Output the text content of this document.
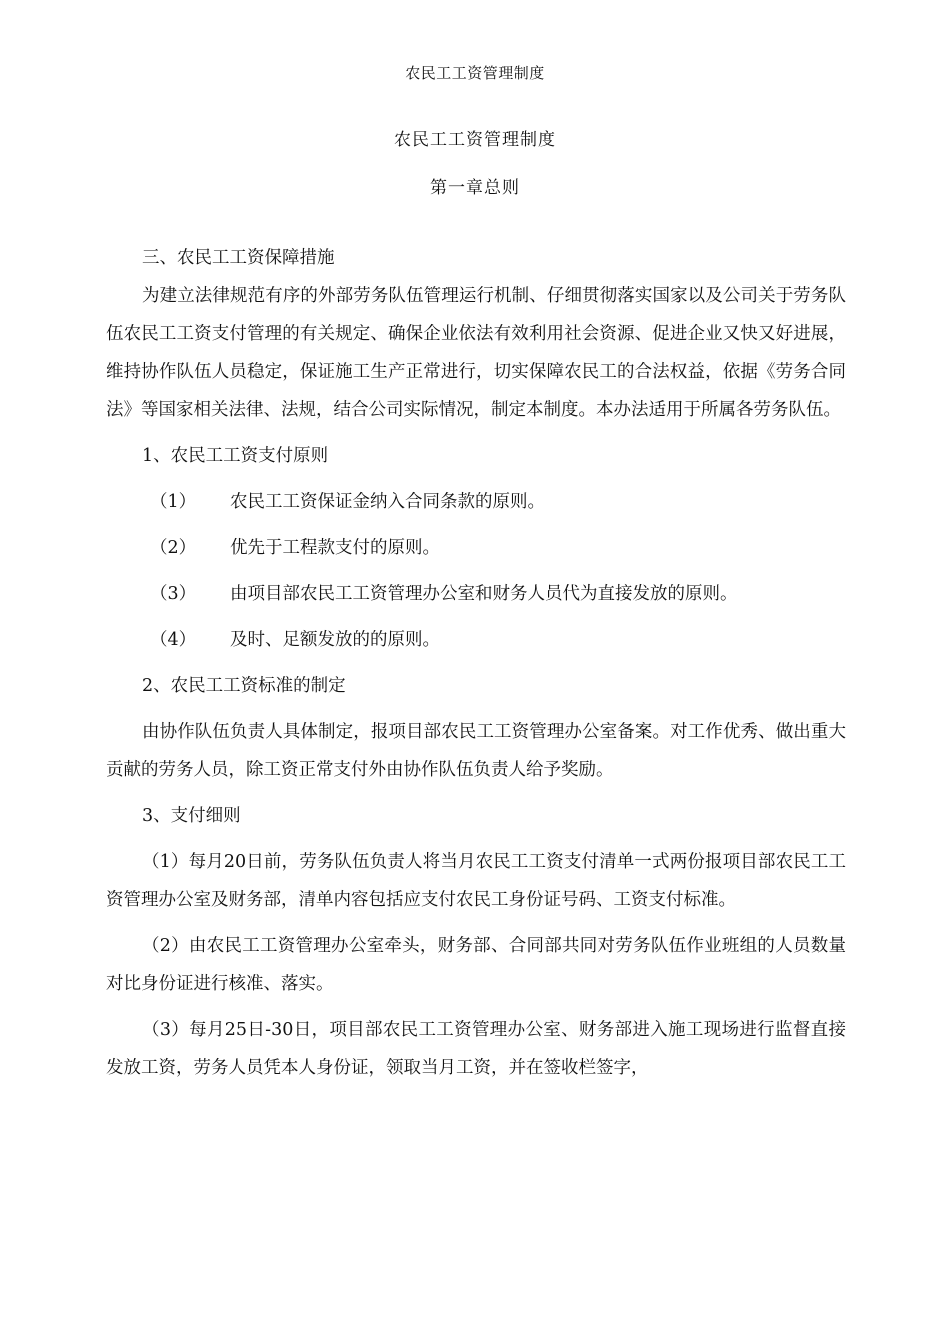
农民工工资管理制度
农民工工资管理制度
第一章总则

三、农民工工资保障措施

为建立法律规范有序的外部劳务队伍管理运行机制、仔细贯彻落实国家以及公司关于劳务队伍农民工工资支付管理的有关规定、确保企业依法有效利用社会资源、促进企业又快又好进展，维持协作队伍人员稳定，保证施工生产正常进行，切实保障农民工的合法权益，依据《劳务合同法》等国家相关法律、法规，结合公司实际情况，制定本制度。本办法适用于所属各劳务队伍。

1、农民工工资支付原则

（1）	农民工工资保证金纳入合同条款的原则。
（2）	优先于工程款支付的原则。
（3）	由项目部农民工工资管理办公室和财务人员代为直接发放的原则。
（4）	及时、足额发放的的原则。

2、农民工工资标准的制定

由协作队伍负责人具体制定，报项目部农民工工资管理办公室备案。对工作优秀、做出重大贡献的劳务人员，除工资正常支付外由协作队伍负责人给予奖励。

3、支付细则

（1）每月20日前，劳务队伍负责人将当月农民工工资支付清单一式两份报项目部农民工工资管理办公室及财务部，清单内容包括应支付农民工身份证号码、工资支付标准。

（2）由农民工工资管理办公室牵头，财务部、合同部共同对劳务队伍作业班组的人员数量对比身份证进行核准、落实。

（3）每月25日-30日，项目部农民工工资管理办公室、财务部进入施工现场进行监督直接发放工资，劳务人员凭本人身份证，领取当月工资，并在签收栏签字，
